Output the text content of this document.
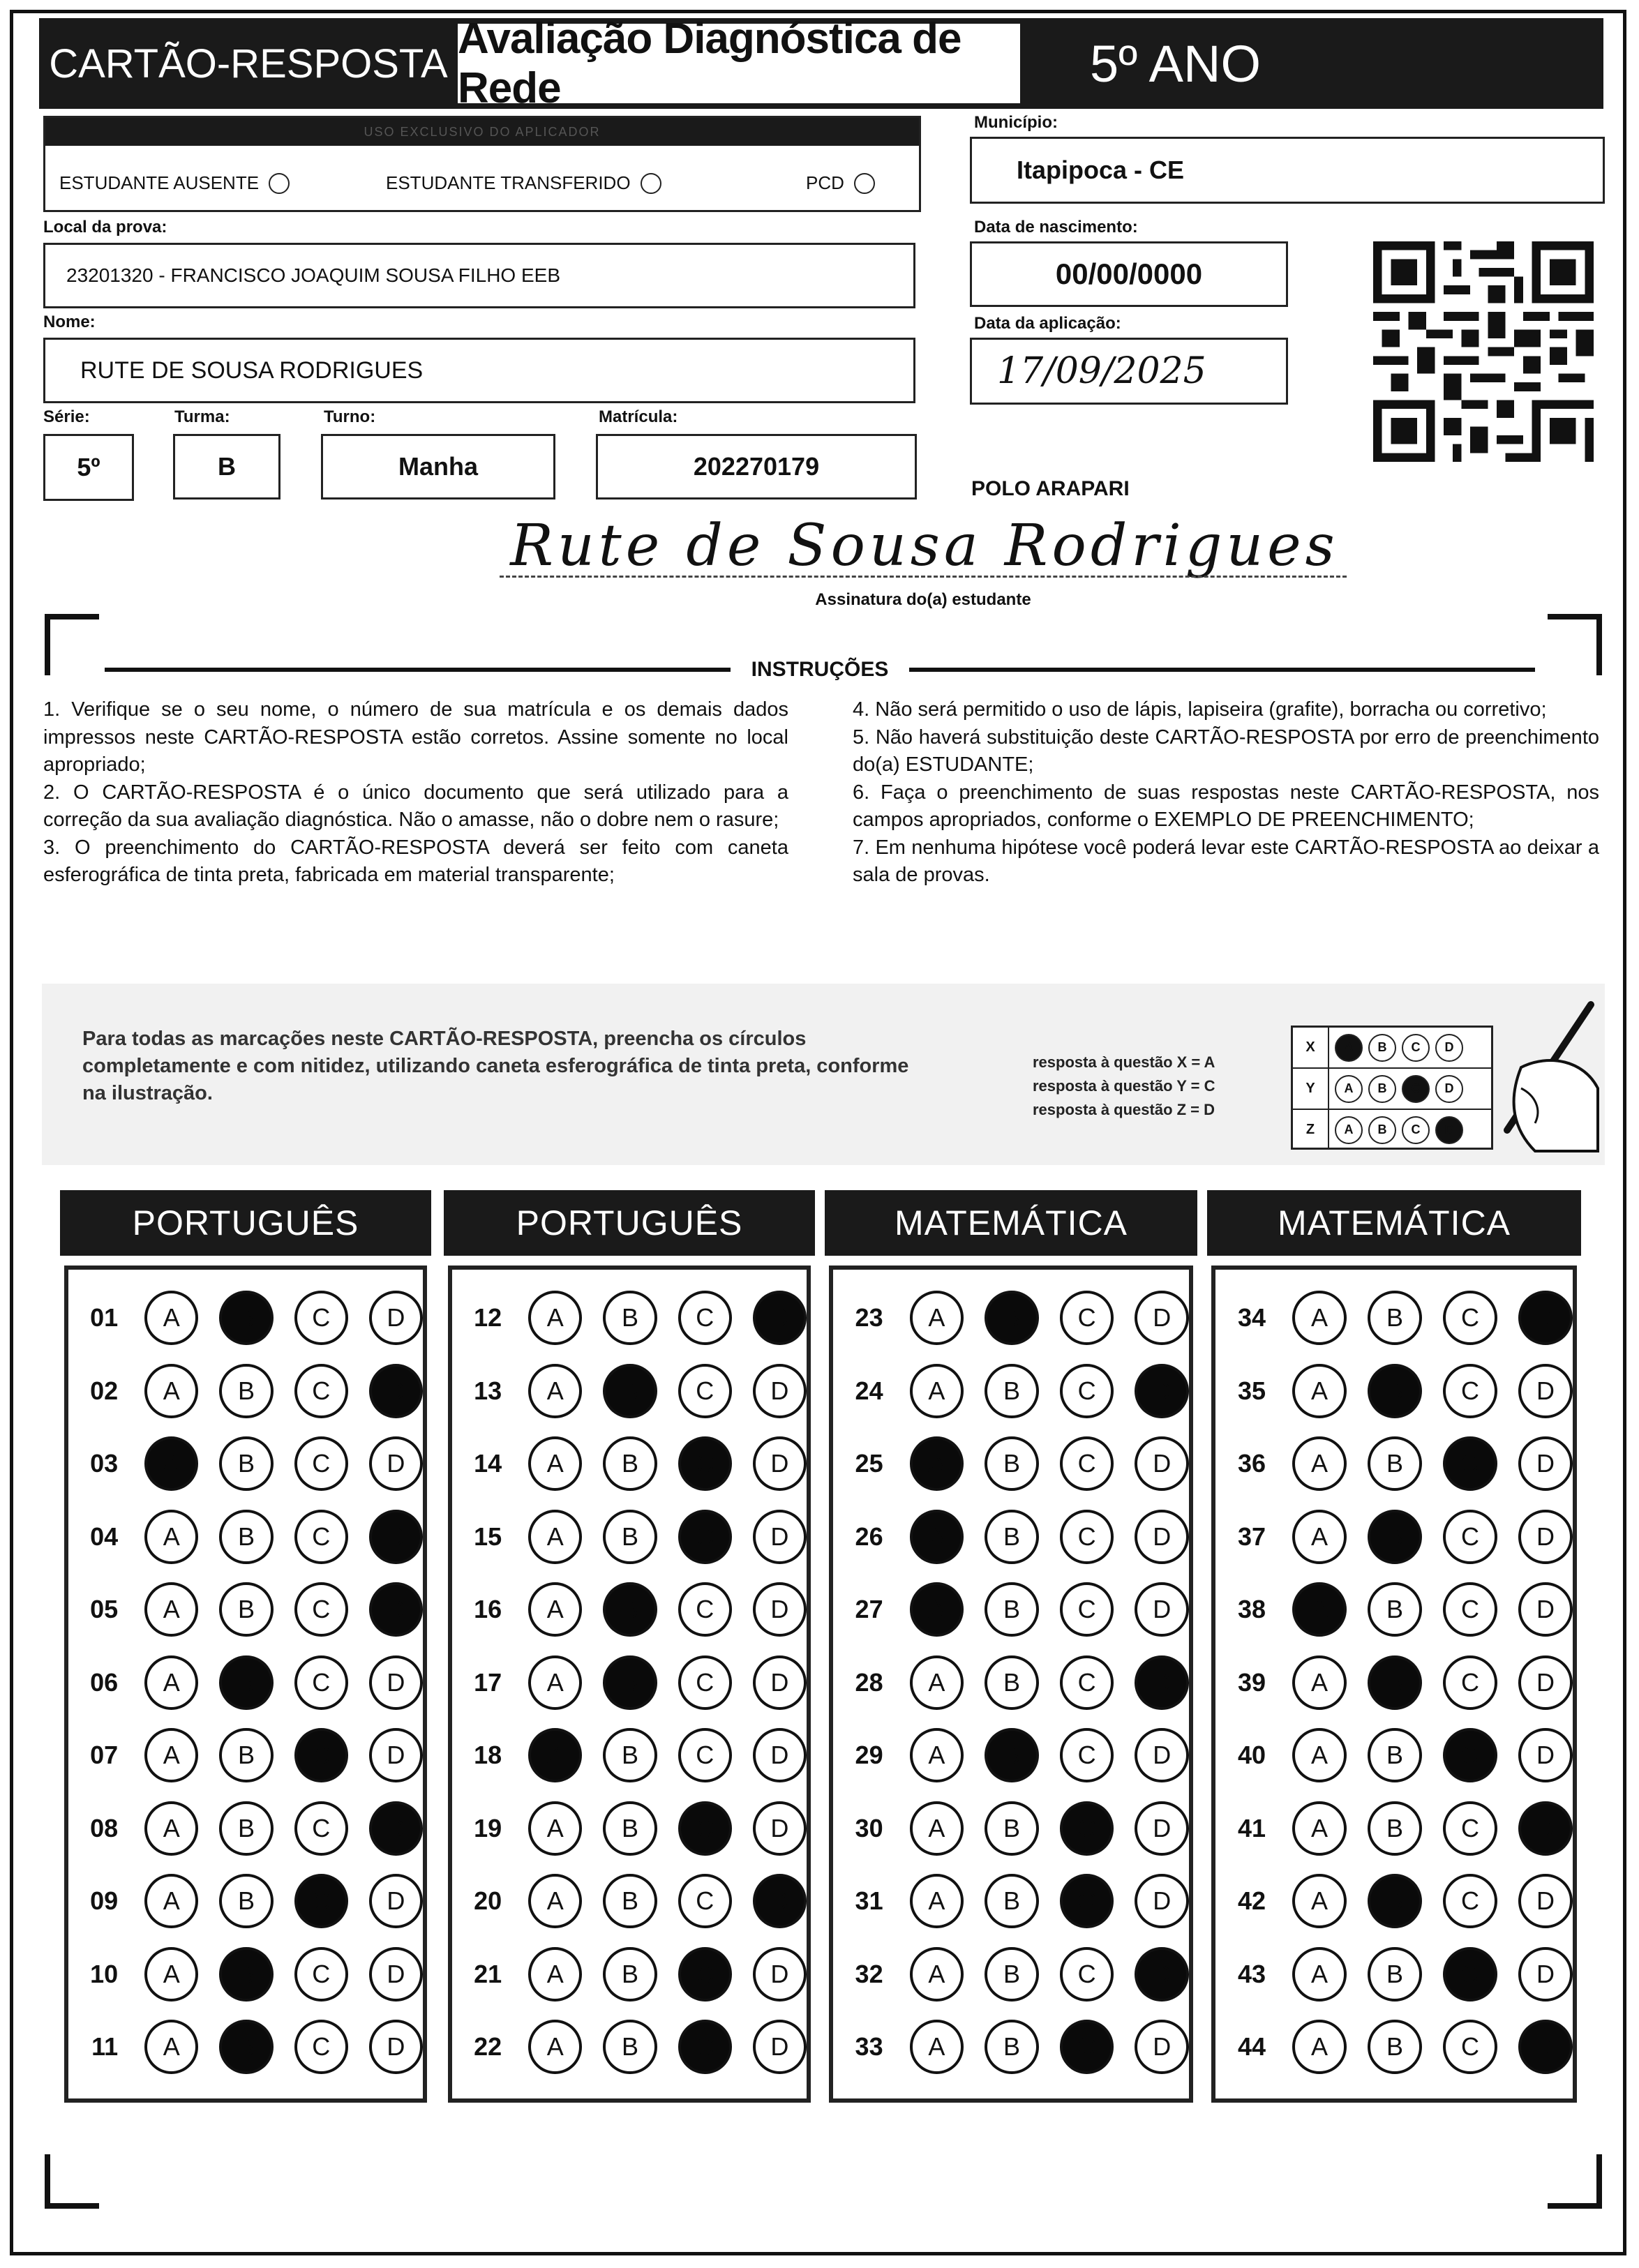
CARTÃO-RESPOSTA
Avaliação Diagnóstica de Rede	5º ANO
USO EXCLUSIVO DO APLICADOR
ESTUDANTE AUSENTE	ESTUDANTE TRANSFERIDO	PCD
Município:
Itapipoca - CE
Local da prova:
23201320 - FRANCISCO JOAQUIM SOUSA FILHO EEB
Data de nascimento:
00/00/0000
Nome:
RUTE DE SOUSA RODRIGUES
Data da aplicação:
17/09/2025
Série:
5º
Turma:
B
Turno:
Manha
Matrícula:
202270179
POLO ARAPARI
Rute de Sousa Rodrigues
Assinatura do(a) estudante
INSTRUÇÕES

1. Verifique se o seu nome, o número de sua matrícula e os demais dados impressos neste CARTÃO-RESPOSTA estão corretos. Assine somente no local apropriado;

2. O CARTÃO-RESPOSTA é o único documento que será utilizado para a correção da sua avaliação diagnóstica. Não o amasse, não o dobre nem o rasure;

3. O preenchimento do CARTÃO-RESPOSTA deverá ser feito com caneta esferográfica de tinta preta, fabricada em material transparente;

4. Não será permitido o uso de lápis, lapiseira (grafite), borracha ou corretivo;

5. Não haverá substituição deste CARTÃO-RESPOSTA por erro de preenchimento do(a) ESTUDANTE;

6. Faça o preenchimento de suas respostas neste CARTÃO-RESPOSTA, nos campos apropriados, conforme o EXEMPLO DE PREENCHIMENTO;

7. Em nenhuma hipótese você poderá levar este CARTÃO-RESPOSTA ao deixar a sala de provas.

Para todas as marcações neste CARTÃO-RESPOSTA, preencha os círculos completamente e com nitidez, utilizando caneta esferográfica de tinta preta, conforme na ilustração.
resposta à questão X = A
resposta à questão Y = C
resposta à questão Z = D
X	A	B	C	D
Y	A	B	C	D
Z	A	B	C	D
PORTUGUÊS
01	A	B	C	D
02	A	B	C	D
03	A	B	C	D
04	A	B	C	D
05	A	B	C	D
06	A	B	C	D
07	A	B	C	D
08	A	B	C	D
09	A	B	C	D
10	A	B	C	D
11	A	B	C	D
PORTUGUÊS
12	A	B	C	D
13	A	B	C	D
14	A	B	C	D
15	A	B	C	D
16	A	B	C	D
17	A	B	C	D
18	A	B	C	D
19	A	B	C	D
20	A	B	C	D
21	A	B	C	D
22	A	B	C	D
MATEMÁTICA
23	A	B	C	D
24	A	B	C	D
25	A	B	C	D
26	A	B	C	D
27	A	B	C	D
28	A	B	C	D
29	A	B	C	D
30	A	B	C	D
31	A	B	C	D
32	A	B	C	D
33	A	B	C	D
MATEMÁTICA
34	A	B	C	D
35	A	B	C	D
36	A	B	C	D
37	A	B	C	D
38	A	B	C	D
39	A	B	C	D
40	A	B	C	D
41	A	B	C	D
42	A	B	C	D
43	A	B	C	D
44	A	B	C	D
